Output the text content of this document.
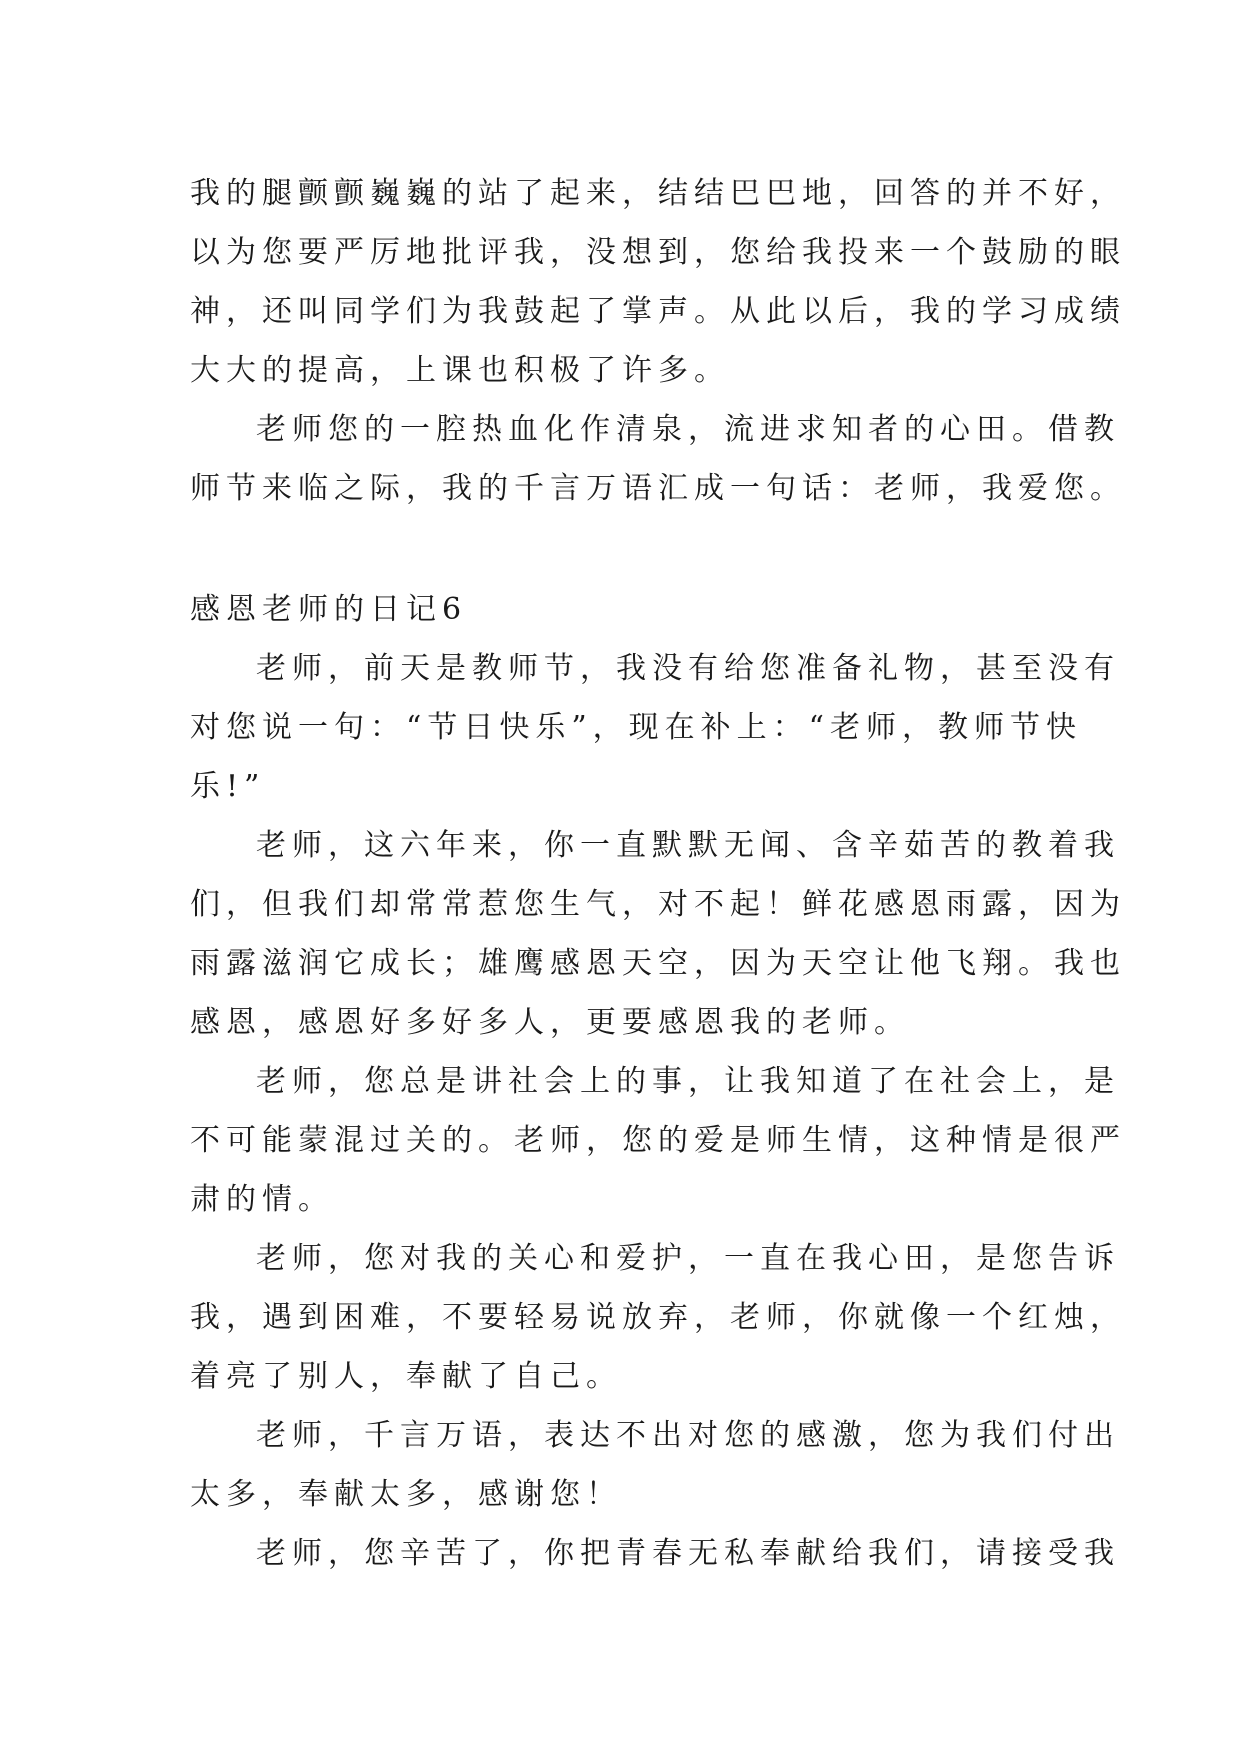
我的腿颤颤巍巍的站了起来，结结巴巴地，回答的并不好，
以为您要严厉地批评我，没想到，您给我投来一个鼓励的眼
神，还叫同学们为我鼓起了掌声。从此以后，我的学习成绩
大大的提高，上课也积极了许多。
老师您的一腔热血化作清泉，流进求知者的心田。借教
师节来临之际，我的千言万语汇成一句话：老师，我爱您。
感恩老师的日记6
老师，前天是教师节，我没有给您准备礼物，甚至没有
对您说一句：“节日快乐”，现在补上：“老师，教师节快
乐!”
老师，这六年来，你一直默默无闻、含辛茹苦的教着我
们，但我们却常常惹您生气，对不起！鲜花感恩雨露，因为
雨露滋润它成长；雄鹰感恩天空，因为天空让他飞翔。我也
感恩，感恩好多好多人，更要感恩我的老师。
老师，您总是讲社会上的事，让我知道了在社会上，是
不可能蒙混过关的。老师，您的爱是师生情，这种情是很严
肃的情。
老师，您对我的关心和爱护，一直在我心田，是您告诉
我，遇到困难，不要轻易说放弃，老师，你就像一个红烛，
着亮了别人，奉献了自己。
老师，千言万语，表达不出对您的感激，您为我们付出
太多，奉献太多，感谢您！
老师，您辛苦了，你把青春无私奉献给我们，请接受我
